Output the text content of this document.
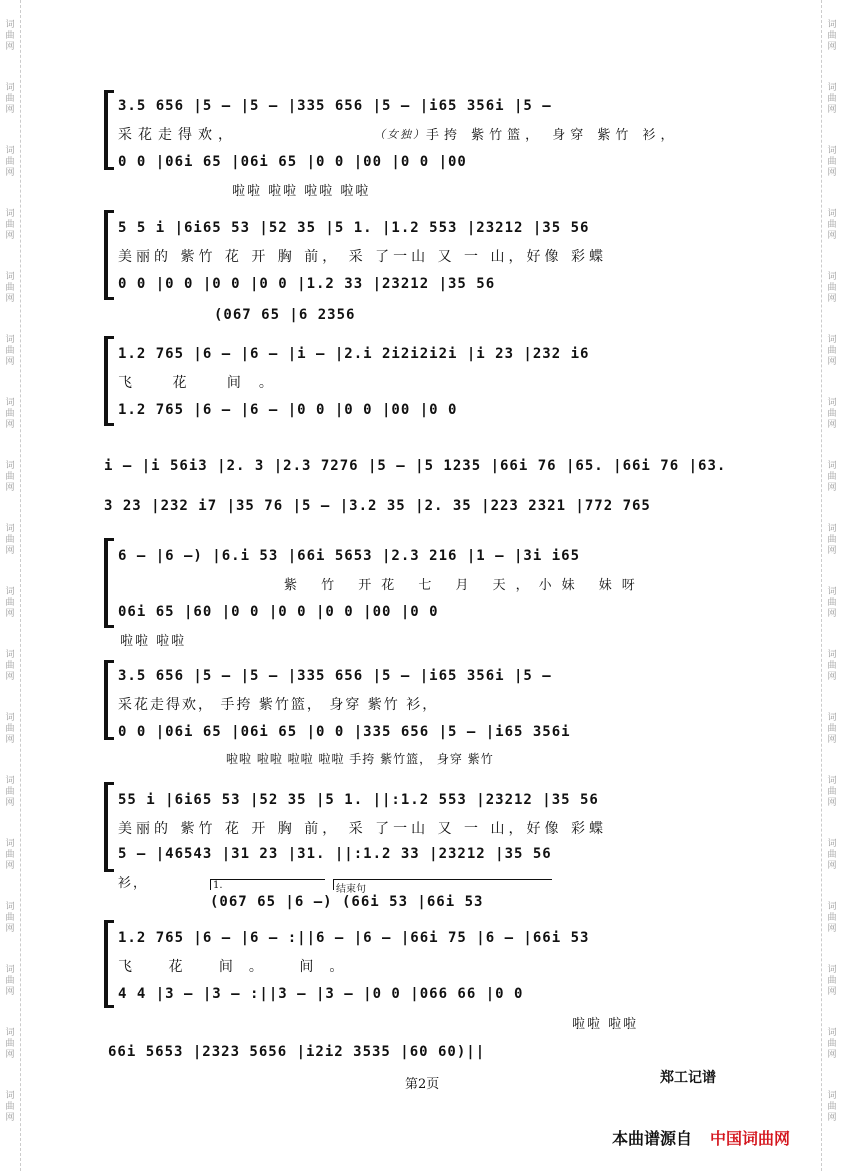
词
曲
网
词
曲
网
词
曲
网
词
曲
网
词
曲
网
词
曲
网
词
曲
网
词
曲
网
词
曲
网
词
曲
网
词
曲
网
词
曲
网
词
曲
网
词
曲
网
词
曲
网
词
曲
网
词
曲
网
词
曲
网
词
曲
网
词
曲
网
词
曲
网
词
曲
网
词
曲
网
词
曲
网
词
曲
网
词
曲
网
词
曲
网
词
曲
网
词
曲
网
词
曲
网
词
曲
网
词
曲
网
词
曲
网
词
曲
网
词
曲
网
词
曲
网
3.5 656 |5 – |5 – |335 656 |5 – |i65 356i |5 –
采花走得欢，	（女独） 手挎 紫竹篮， 身穿 紫竹 衫，
0 0 |06i 65 |06i 65 |0 0 |00 |0 0 |00
啦啦 啦啦 啦啦 啦啦
5 5 i |6i65 53 |52 35 |5 1. |1.2 553 |23212 |35 56
美丽的 紫竹 花 开 胸 前， 采 了一山 又 一 山，好像 彩蝶
0 0 |0 0 |0 0 |0 0 |1.2 33 |23212 |35 56
(067 65 |6 2356
1.2 765 |6 – |6 – |i – |2.i 2i2i2i2i |i 23 |232 i6
飞 花 间。
1.2 765 |6 – |6 – |0 0 |0 0 |00 |0 0
i – |i 56i3 |2. 3 |2.3 7276 |5 – |5 1235 |66i 76 |65. |66i 76 |63.
3 23 |232 i7 |35 76 |5 – |3.2 35 |2. 35 |223 2321 |772 765
6 – |6 –) |6.i 53 |66i 5653 |2.3 216 |1 – |3i i65
紫 竹 开花 七 月 天，小妹 妹呀
06i 65 |60 |0 0 |0 0 |0 0 |00 |0 0
啦啦 啦啦
3.5 656 |5 – |5 – |335 656 |5 – |i65 356i |5 –
采花走得欢， 手挎 紫竹篮， 身穿 紫竹 衫，
0 0 |06i 65 |06i 65 |0 0 |335 656 |5 – |i65 356i
啦啦 啦啦 啦啦 啦啦 手挎 紫竹篮， 身穿 紫竹
55 i |6i65 53 |52 35 |5 1. ||:1.2 553 |23212 |35 56
美丽的 紫竹 花 开 胸 前， 采 了一山 又 一 山，好像 彩蝶
5 – |46543 |31 23 |31. ||:1.2 33 |23212 |35 56
衫，	1.	结束句
(067 65 |6 –) (66i 53 |66i 53
1.2 765 |6 – |6 – :||6 – |6 – |66i 75 |6 – |66i 53
飞 花 间。 间。
4 4 |3 – |3 – :||3 – |3 – |0 0 |066 66 |0 0
啦啦 啦啦
66i 5653 |2323 5656 |i2i2 3535 |60 60)||
第2页	郑工记谱
本曲谱源自 中国词曲网
